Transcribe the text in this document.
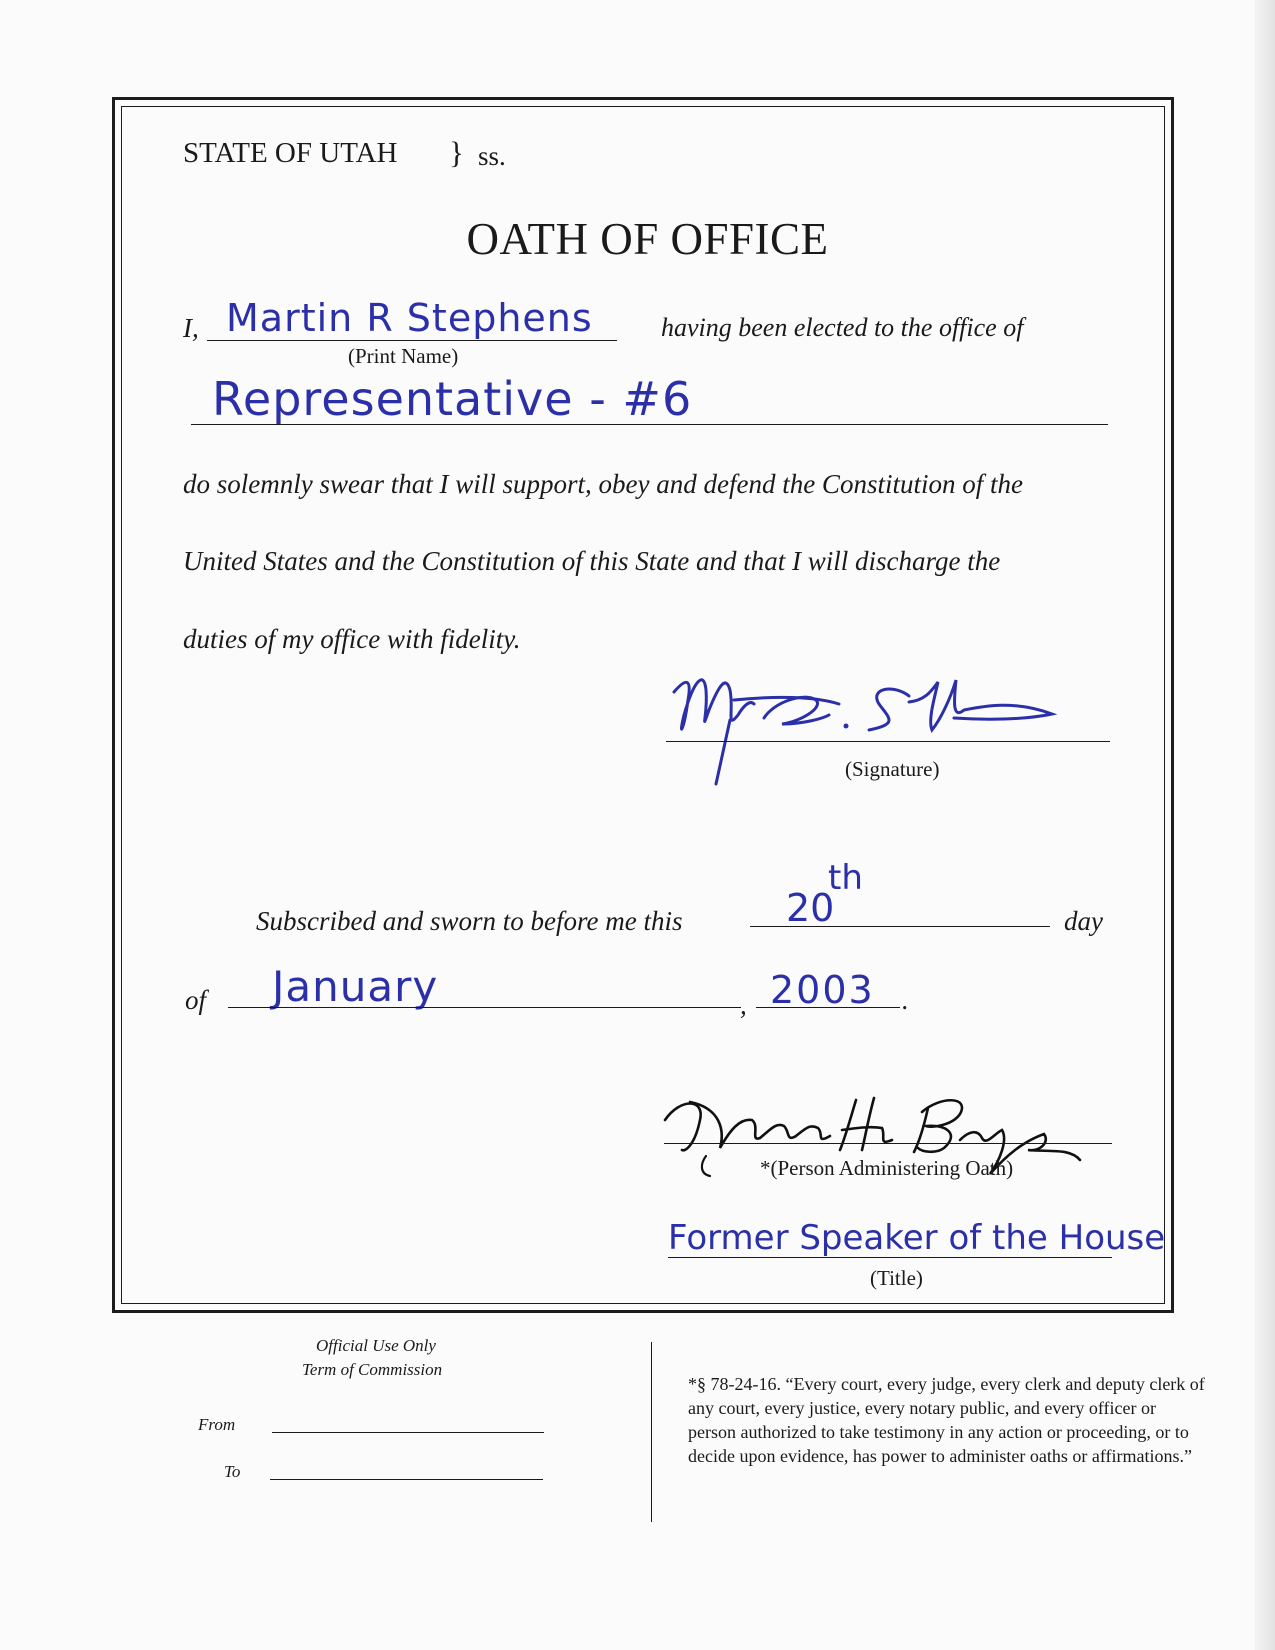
STATE OF UTAH } ss.
OATH OF OFFICE
I, Martin R Stephens
(Print Name)
having been elected to the office of
Representative - #6
do solemnly swear that I will support, obey and defend the Constitution of the
United States and the Constitution of this State and that I will discharge the
duties of my office with fidelity.
(Signature)
Subscribed and sworn to before me this	20
th
day
of January	, 2003 .
*(Person Administering Oath)
Former Speaker of the House
(Title)
Official Use Only
Term of Commission
From
To
*§ 78-24-16. “Every court, every judge, every clerk and deputy clerk of any court, every justice, every notary public, and every officer or person authorized to take testimony in any action or proceeding, or to decide upon evidence, has power to administer oaths or affirmations.”
